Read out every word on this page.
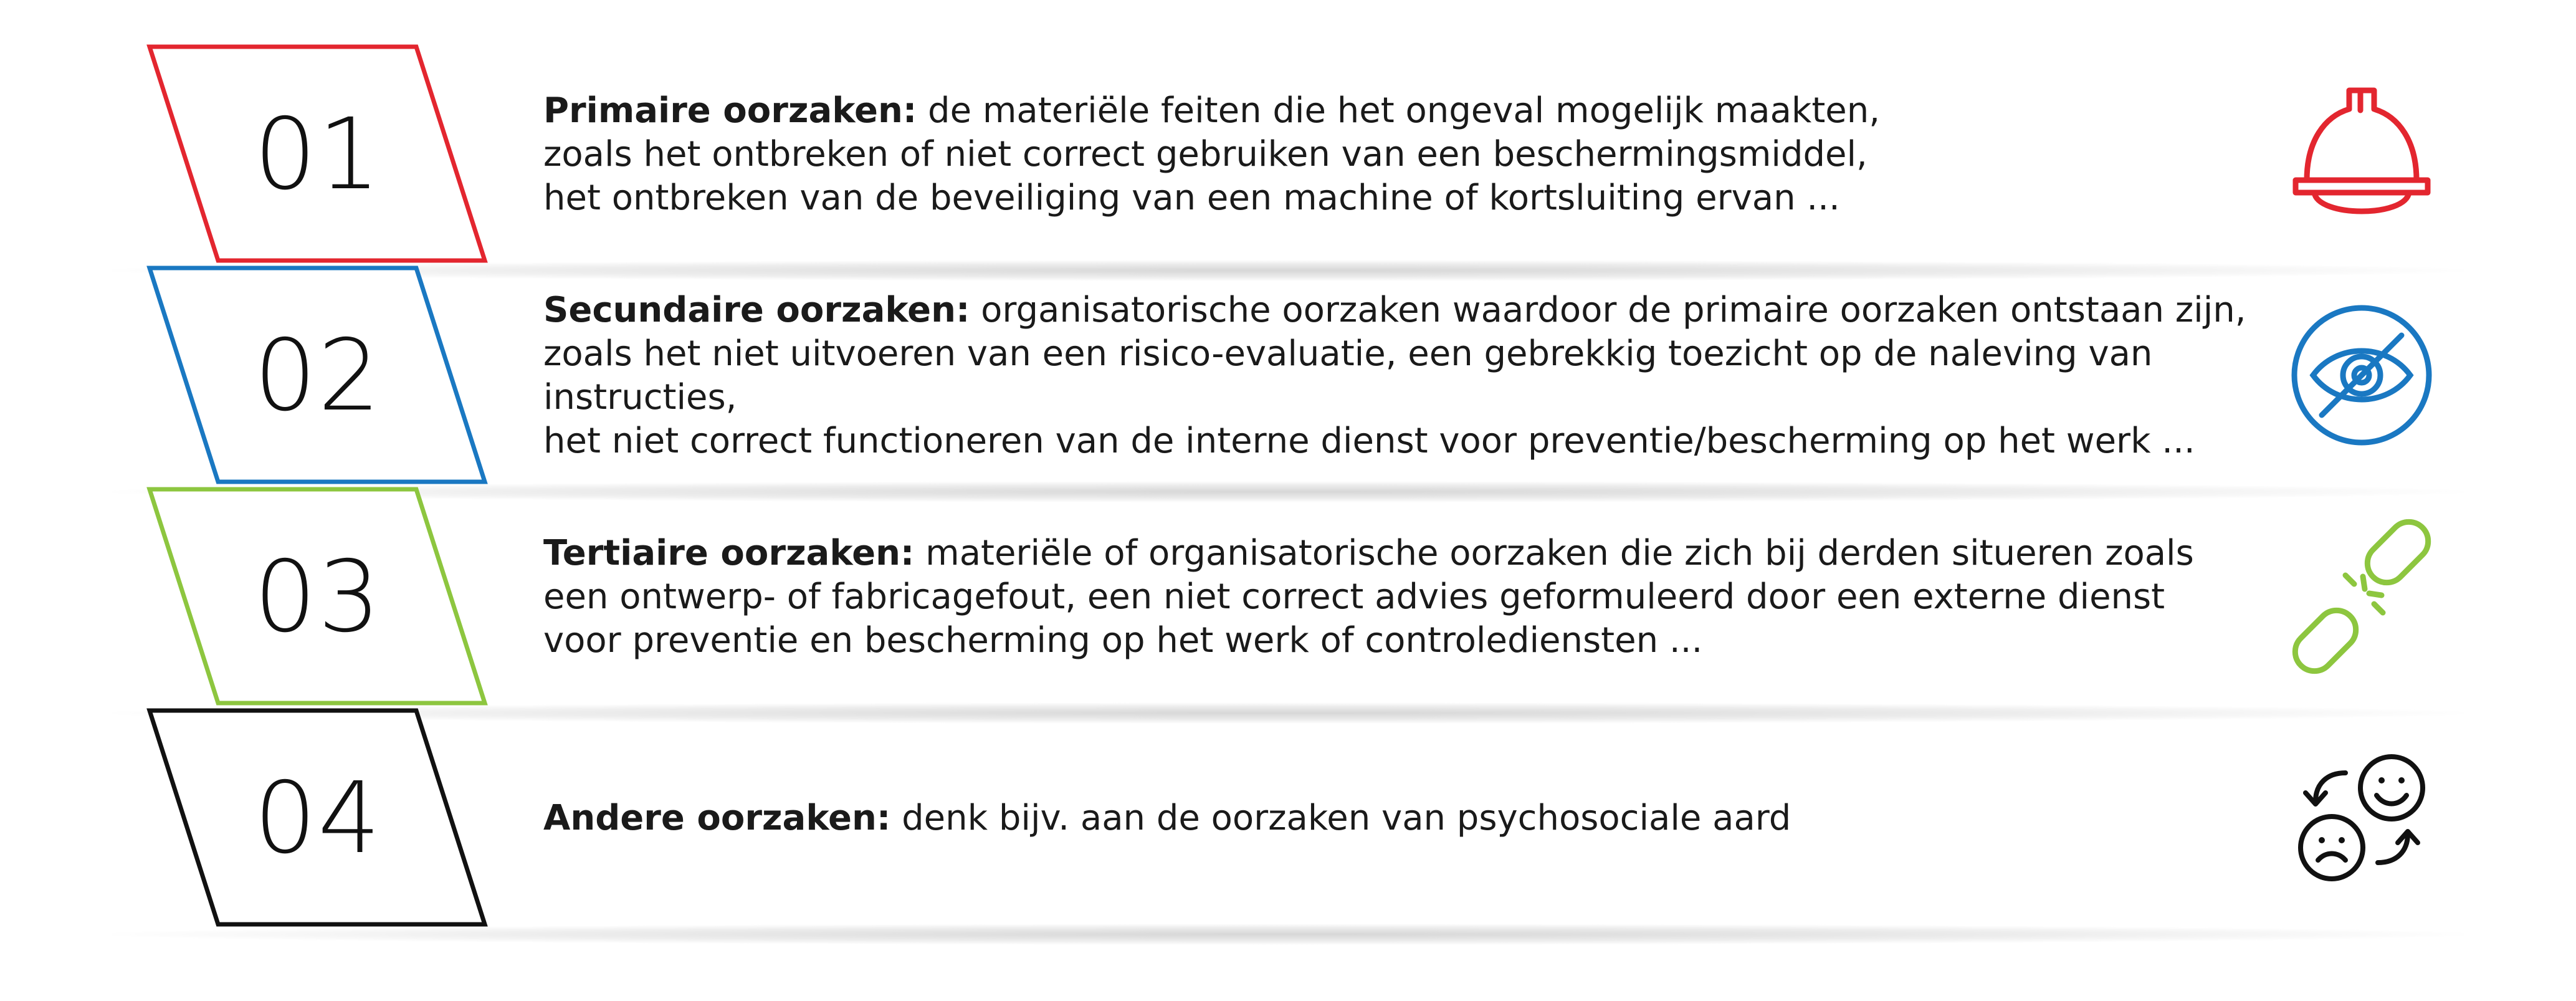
01	Primaire oorzaken: de materiële feiten die het ongeval mogelijk maakten,
zoals het ontbreken of niet correct gebruiken van een beschermingsmiddel,
het ontbreken van de beveiliging van een machine of kortsluiting ervan ...
02
Secundaire oorzaken: organisatorische oorzaken waardoor de primaire oorzaken ontstaan zijn,
zoals het niet uitvoeren van een risico-evaluatie, een gebrekkig toezicht op de naleving van instructies,
het niet correct functioneren van de interne dienst voor preventie/bescherming op het werk ...
03	Tertiaire oorzaken: materiële of organisatorische oorzaken die zich bij derden situeren zoals
een ontwerp- of fabricagefout, een niet correct advies geformuleerd door een externe dienst
voor preventie en bescherming op het werk of controlediensten ...
04	Andere oorzaken: denk bijv. aan de oorzaken van psychosociale aard
